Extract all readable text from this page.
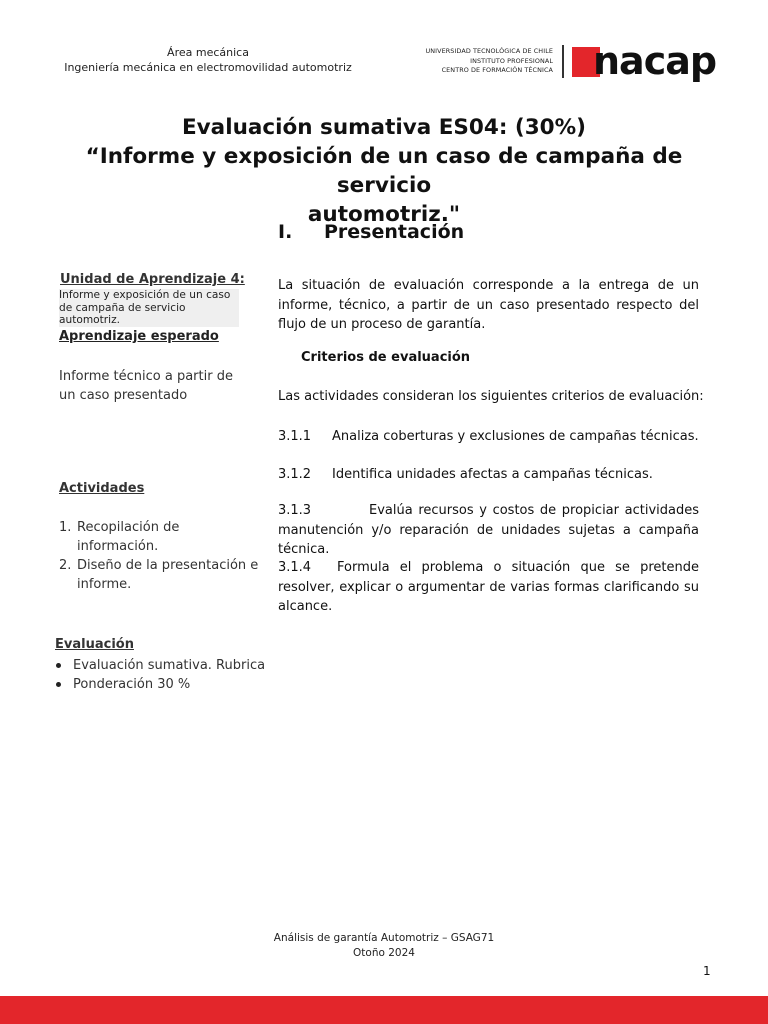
Área mecánica
Ingeniería mecánica en electromovilidad automotriz
UNIVERSIDAD TECNOLÓGICA DE CHILE
INSTITUTO PROFESIONAL
CENTRO DE FORMACIÓN TÉCNICA nacap
Evaluación sumativa ES04: (30%)
“Informe y exposición de un caso de campaña de servicio
automotriz."
I. Presentación
Unidad de Aprendizaje 4:
Informe y exposición de un caso de campaña de servicio automotriz.
Aprendizaje esperado
Informe técnico a partir de un caso presentado
Actividades
1. Recopilación de información.
2. Diseño de la presentación e informe.
Evaluación
Evaluación sumativa. Rubrica
Ponderación 30 %
La situación de evaluación corresponde a la entrega de un informe, técnico, a partir de un caso presentado respecto del flujo de un proceso de garantía.
Criterios de evaluación
Las actividades consideran los siguientes criterios de evaluación:
3.1.1 Analiza coberturas y exclusiones de campañas técnicas.
3.1.2 Identifica unidades afectas a campañas técnicas.
3.1.3	Evalúa recursos y costos de propiciar actividades manutención y/o reparación de unidades sujetas a campaña técnica.
3.1.4 Formula el problema o situación que se pretende resolver, explicar o argumentar de varias formas clarificando su alcance.
Análisis de garantía Automotriz – GSAG71
Otoño 2024
1
